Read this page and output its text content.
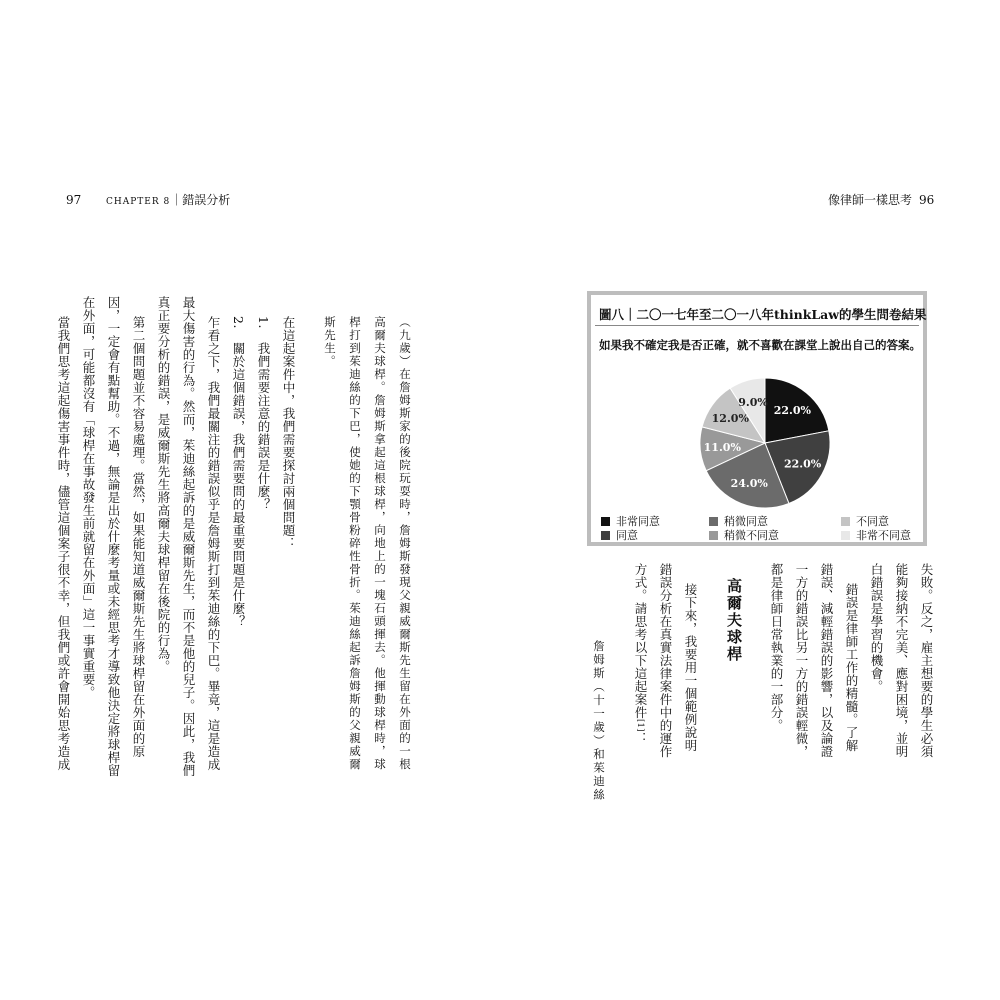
97	CHAPTER 8｜錯誤分析	像律師一樣思考 96
（九歲）在詹姆斯家的後院玩耍時，詹姆斯發現父親威爾斯先生留在外面的一根
高爾夫球桿。詹姆斯拿起這根球桿，向地上的一塊石頭揮去。他揮動球桿時，球
桿打到茱迪絲的下巴，使她的下顎骨粉碎性骨折。茱迪絲起訴詹姆斯的父親威爾
斯先生。
在這起案件中，我們需要探討兩個問題：
1.　我們需要注意的錯誤是什麼？
2.　關於這個錯誤，我們需要問的最重要問題是什麼？
乍看之下，我們最關注的錯誤似乎是詹姆斯打到茱迪絲的下巴。畢竟，這是造成
最大傷害的行為。然而，茱迪絲起訴的是威爾斯先生，而不是他的兒子。因此，我們
真正要分析的錯誤，是威爾斯先生將高爾夫球桿留在後院的行為。
第二個問題並不容易處理。當然，如果能知道威爾斯先生將球桿留在外面的原
因，一定會有點幫助。不過，無論是出於什麼考量或未經思考才導致他決定將球桿留
在外面，可能都沒有「球桿在事故發生前就留在外面」這一事實重要。
當我們思考這起傷害事件時，儘管這個案子很不幸，但我們或許會開始思考造成
圖八｜二〇一七年至二〇一八年thinkLaw的學生問卷結果
如果我不確定我是否正確，就不喜歡在課堂上說出自己的答案。
22.0%
22.0%
24.0%
11.0%
12.0%
9.0%
非常同意
同意
稍微同意
稍微不同意
不同意
非常不同意
失敗。反之，雇主想要的學生必須
能夠接納不完美、應對困境，並明
白錯誤是學習的機會。
錯誤是律師工作的精髓。了解
錯誤、減輕錯誤的影響，以及論證
一方的錯誤比另一方的錯誤輕微，
都是律師日常執業的一部分。
高爾夫球桿
接下來，我要用一個範例說明
錯誤分析在真實法律案件中的運作
方式。請思考以下這起案件[1]：
詹姆斯（十一歲）和茱迪絲
